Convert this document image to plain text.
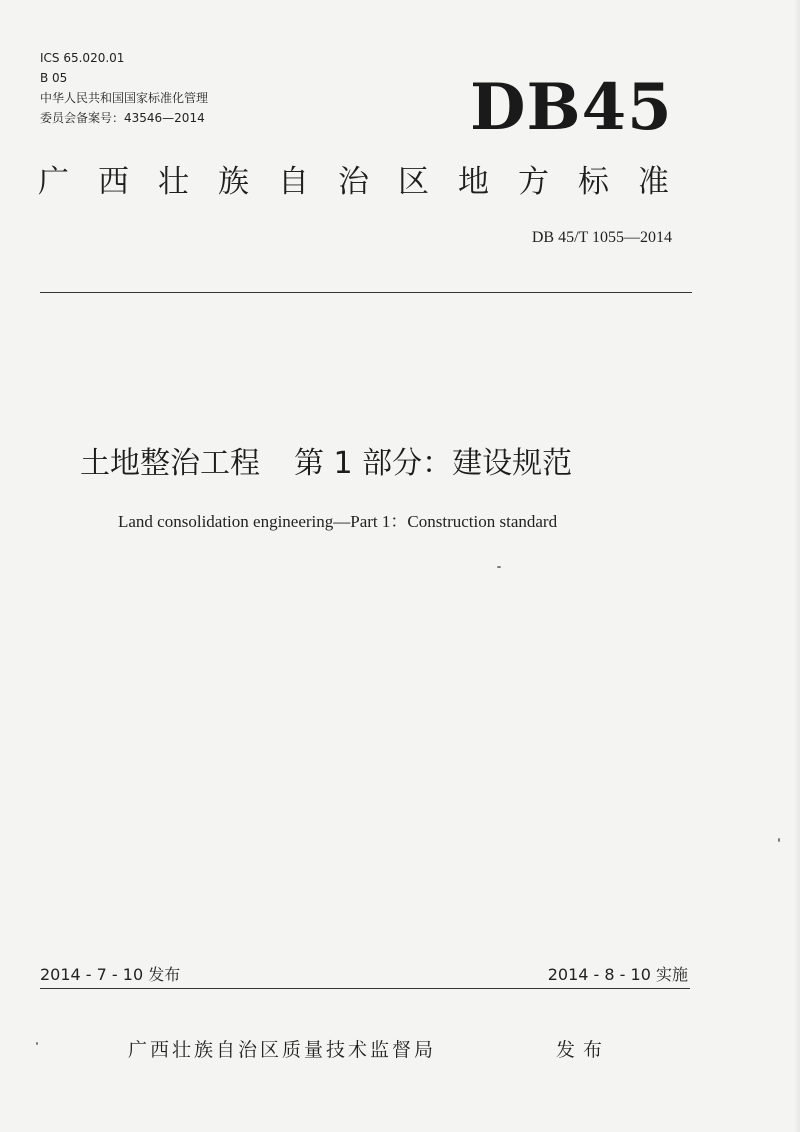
ICS 65.020.01
B 05
中华人民共和国国家标准化管理
委员会备案号：43546—2014	DB45
广西壮族自治区地方标准
DB 45/T 1055—2014
土地整治工程 第 1 部分：建设规范
Land consolidation engineering—Part 1：Construction standard
2014 - 7 - 10 发布	2014 - 8 - 10 实施
广西壮族自治区质量技术监督局	发布
